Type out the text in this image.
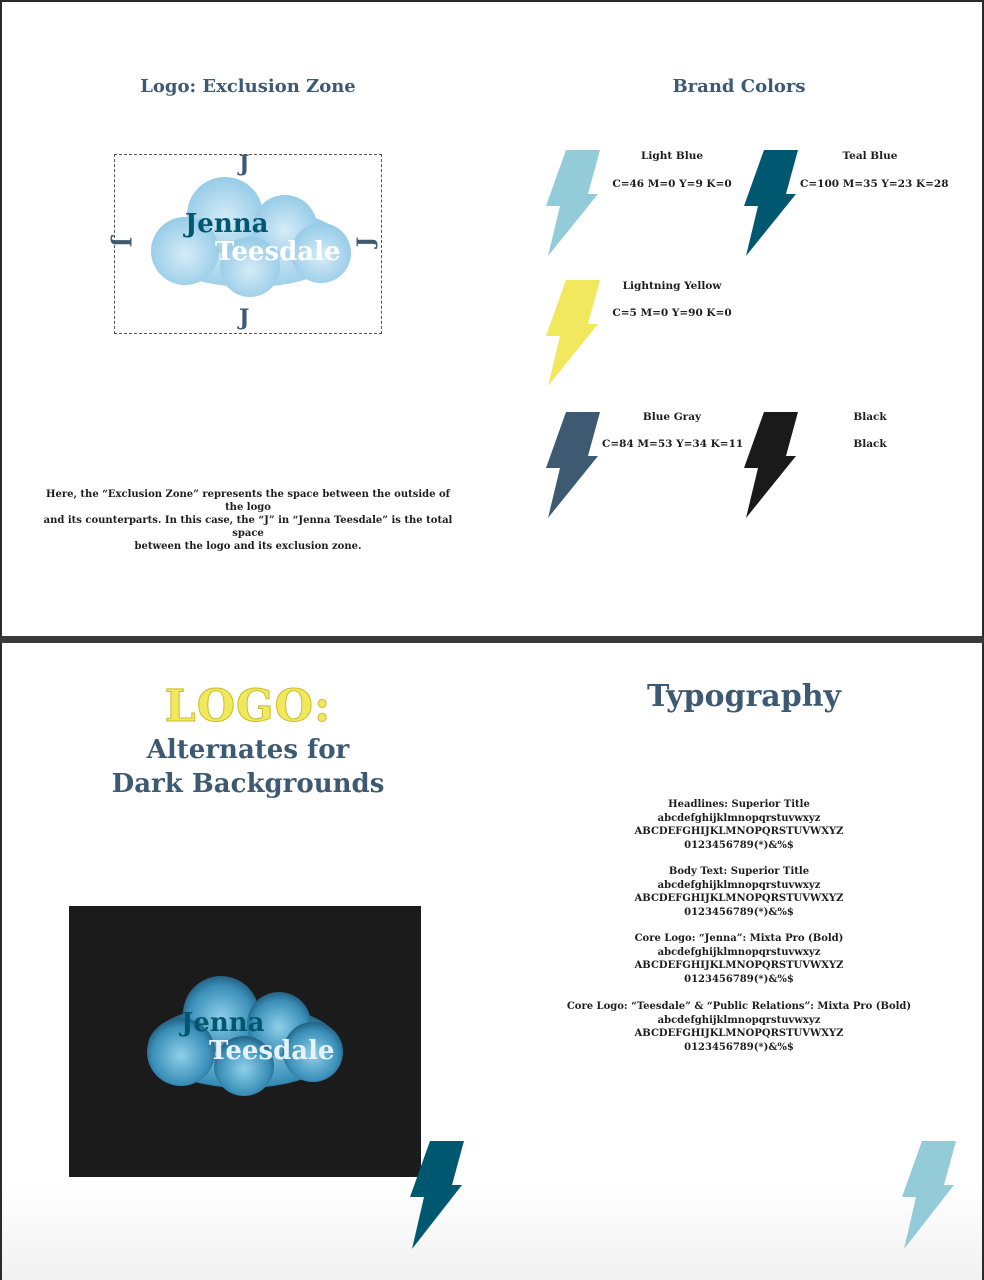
Logo: Exclusion Zone
J
J
J	J
Jenna
Teesdale
Here, the “Exclusion Zone” represents the space between the outside of the logo
and its counterparts. In this case, the “J” in “Jenna Teesdale” is the total space
between the logo and its exclusion zone.
Brand Colors
Light Blue
C=46 M=0 Y=9 K=0
Teal Blue
C=100 M=35 Y=23 K=28
Lightning Yellow
C=5 M=0 Y=90 K=0
Blue Gray
C=84 M=53 Y=34 K=11
Black
Black
LOGO:
Alternates for
Dark Backgrounds
Jenna
Teesdale
Typography
Headlines: Superior Title
abcdefghijklmnopqrstuvwxyz
ABCDEFGHIJKLMNOPQRSTUVWXYZ
0123456789(*)&%$
Body Text: Superior Title
abcdefghijklmnopqrstuvwxyz
ABCDEFGHIJKLMNOPQRSTUVWXYZ
0123456789(*)&%$
Core Logo: “Jenna”: Mixta Pro (Bold)
abcdefghijklmnopqrstuvwxyz
ABCDEFGHIJKLMNOPQRSTUVWXYZ
0123456789(*)&%$
Core Logo: “Teesdale” & “Public Relations”: Mixta Pro (Bold)
abcdefghijklmnopqrstuvwxyz
ABCDEFGHIJKLMNOPQRSTUVWXYZ
0123456789(*)&%$
